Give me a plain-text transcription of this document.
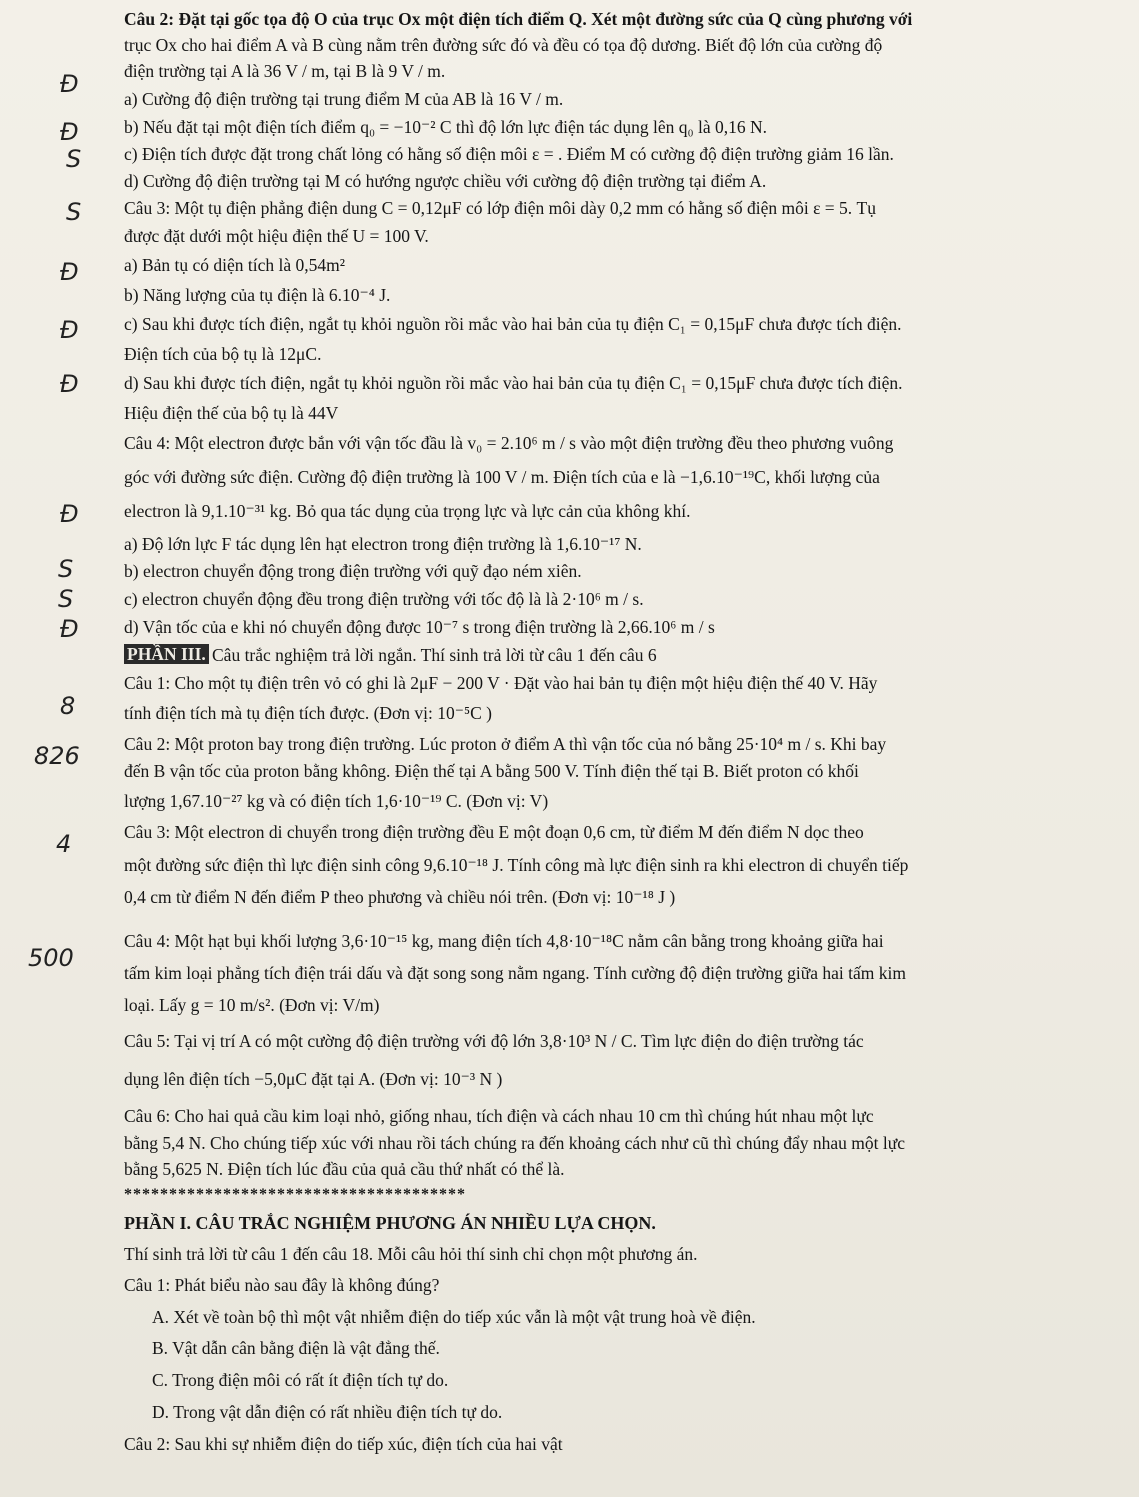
Câu 2: Đặt tại gốc tọa độ O của trục Ox một điện tích điểm Q. Xét một đường sức của Q cùng phương với
trục Ox cho hai điểm A và B cùng nằm trên đường sức đó và đều có tọa độ dương. Biết độ lớn của cường độ
điện trường tại A là 36 V / m, tại B là 9 V / m.
a) Cường độ điện trường tại trung điểm M của AB là 16 V / m.
b) Nếu đặt tại một điện tích điểm q₀ = −10⁻² C thì độ lớn lực điện tác dụng lên q₀ là 0,16 N.
c) Điện tích được đặt trong chất lỏng có hằng số điện môi ε = . Điểm M có cường độ điện trường giảm 16 lần.
d) Cường độ điện trường tại M có hướng ngược chiều với cường độ điện trường tại điểm A.
Câu 3: Một tụ điện phẳng điện dung C = 0,12μF có lớp điện môi dày 0,2 mm có hằng số điện môi ε = 5. Tụ
được đặt dưới một hiệu điện thế U = 100 V.
a) Bản tụ có diện tích là 0,54m²
b) Năng lượng của tụ điện là 6.10⁻⁴ J.
c) Sau khi được tích điện, ngắt tụ khỏi nguồn rồi mắc vào hai bản của tụ điện C₁ = 0,15μF chưa được tích điện.
Điện tích của bộ tụ là 12μC.
d) Sau khi được tích điện, ngắt tụ khỏi nguồn rồi mắc vào hai bản của tụ điện C₁ = 0,15μF chưa được tích điện.
Hiệu điện thế của bộ tụ là 44V
Câu 4: Một electron được bắn với vận tốc đầu là v₀ = 2.10⁶ m / s vào một điện trường đều theo phương vuông
góc với đường sức điện. Cường độ điện trường là 100 V / m. Điện tích của e là −1,6.10⁻¹⁹C, khối lượng của
electron là 9,1.10⁻³¹ kg. Bỏ qua tác dụng của trọng lực và lực cản của không khí.
a) Độ lớn lực F tác dụng lên hạt electron trong điện trường là 1,6.10⁻¹⁷ N.
b) electron chuyển động trong điện trường với quỹ đạo ném xiên.
c) electron chuyển động đều trong điện trường với tốc độ là là 2·10⁶ m / s.
d) Vận tốc của e khi nó chuyển động được 10⁻⁷ s trong điện trường là 2,66.10⁶ m / s
Câu trắc nghiệm trả lời ngắn. Thí sinh trả lời từ câu 1 đến câu 6
Câu 1: Cho một tụ điện trên vỏ có ghi là 2μF − 200 V · Đặt vào hai bản tụ điện một hiệu điện thế 40 V. Hãy
tính điện tích mà tụ điện tích được. (Đơn vị: 10⁻⁵C )
Câu 2: Một proton bay trong điện trường. Lúc proton ở điểm A thì vận tốc của nó bằng 25·10⁴ m / s. Khi bay
đến B vận tốc của proton bằng không. Điện thế tại A bằng 500 V. Tính điện thế tại B. Biết proton có khối
lượng 1,67.10⁻²⁷ kg và có điện tích 1,6·10⁻¹⁹ C. (Đơn vị: V)
Câu 3: Một electron di chuyển trong điện trường đều E một đoạn 0,6 cm, từ điểm M đến điểm N dọc theo
một đường sức điện thì lực điện sinh công 9,6.10⁻¹⁸ J. Tính công mà lực điện sinh ra khi electron di chuyển tiếp
0,4 cm từ điểm N đến điểm P theo phương và chiều nói trên. (Đơn vị: 10⁻¹⁸ J )
Câu 4: Một hạt bụi khối lượng 3,6·10⁻¹⁵ kg, mang điện tích 4,8·10⁻¹⁸C nằm cân bằng trong khoảng giữa hai
tấm kim loại phẳng tích điện trái dấu và đặt song song nằm ngang. Tính cường độ điện trường giữa hai tấm kim
loại. Lấy g = 10 m/s². (Đơn vị: V/m)
Câu 5: Tại vị trí A có một cường độ điện trường với độ lớn 3,8·10³ N / C. Tìm lực điện do điện trường tác
dụng lên điện tích −5,0μC đặt tại A. (Đơn vị: 10⁻³ N )
Câu 6: Cho hai quả cầu kim loại nhỏ, giống nhau, tích điện và cách nhau 10 cm thì chúng hút nhau một lực
bằng 5,4 N. Cho chúng tiếp xúc với nhau rồi tách chúng ra đến khoảng cách như cũ thì chúng đẩy nhau một lực
bằng 5,625 N. Điện tích lúc đầu của quả cầu thứ nhất có thể là.
Thí sinh trả lời từ câu 1 đến câu 18. Mỗi câu hỏi thí sinh chỉ chọn một phương án.
Câu 1: Phát biểu nào sau đây là không đúng?
A. Xét về toàn bộ thì một vật nhiễm điện do tiếp xúc vẫn là một vật trung hoà về điện.
B. Vật dẫn cân bằng điện là vật đẳng thế.
C. Trong điện môi có rất ít điện tích tự do.
D. Trong vật dẫn điện có rất nhiều điện tích tự do.
Câu 2: Sau khi sự nhiễm điện do tiếp xúc, điện tích của hai vật
PHẦN III.
**************************************
PHẦN I. CÂU TRẮC NGHIỆM PHƯƠNG ÁN NHIỀU LỰA CHỌN.
Đ
Đ
S
S
Đ
Đ
Đ
Đ
S
S
Đ
8
826
4
500
